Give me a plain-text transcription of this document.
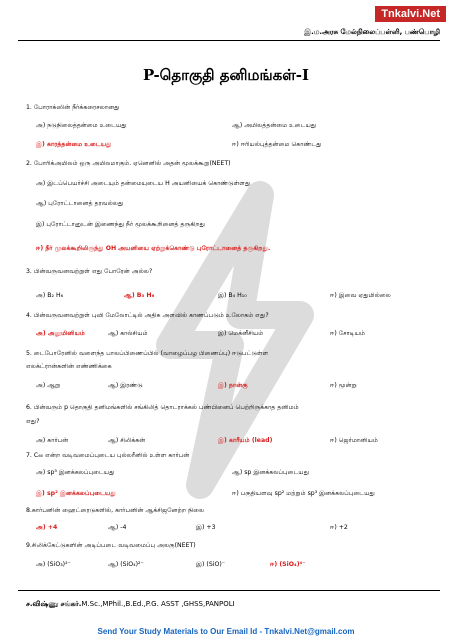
Tnkalvi.Net
இ.ம.அரசு மேல்நிலைப்பள்ளி, பண்பொழி
P-தொகுதி தனிமங்கள்-I
1. போராக்ஸின் நீர்க்கரைசலானது
அ) நடுநிலைத்தன்மை உடையது	ஆ) அமிலத்தன்மை உடையது
இ) காரத்தன்மை உடையது	ஈ) ஈரியல்புத்தன்மை கொண்டது
2. போரிக்அமிலம் ஒரு அமிலமாகும். ஏனெனில் அதன் மூலக்கூறு(NEET)
அ) இடப்பெயர்ச்சி அடையும் தன்மையுடைய H அயனியைக் கொண்டுள்ளது
ஆ) புரோட்டானைத் தரவல்லது
இ) புரோட்டானுடன் இணைந்து நீர் மூலக்கூறினைத் தருகிறது
ஈ) நீர் மூலக்கூறிலிருந்து OH அயனியை ஏற்றுக்கொண்டு புரோட்டானைத் தருகிறது.
3. பின்வருவனவற்றுள் எது போரேன் அல்ல?
அ) B₂ H₆	ஆ) B₃ H₆	இ) B₄ H₁₀	ஈ) இவை ஏதுமில்லை
4. பின்வருவனவற்றுள் புவி மேலோட்டில் அதிக அளவில் காணப்படும் உலோகம் எது?
அ) அலுமினியம்	ஆ) கால்சியம்	இ) மெக்னீசியம்	ஈ) சோடியம்
5. டைபோரேனில் வளைந்த பாலப்பிணைப்பில் (வாழைப்பழ பிணைப்பு) ஈடுபட்டுள்ள
எலக்ட்ரான்களின் எண்ணிக்கை
அ) ஆறு	ஆ) இரண்டு	இ) நான்கு	ஈ) மூன்று
6. பின்வரும் p தொகுதி தனிமங்களில் சங்கிலித் தொடராக்கல் பண்பினைப் பெற்றிருக்காத தனிமம்
எது?
அ) கார்பன்	ஆ) சிலிக்கன்	இ) காரீயம் (lead)	ஈ) ஜெர்மானியம்
7. C₆₀ என்ற வடிவமைப்புடைய புல்லரீனில் உள்ள கார்பன்
அ) sp³ இனக்கலப்புடையது	ஆ) sp இனக்கலப்புடையது
இ) sp² இனக்கலப்புடையது	ஈ) பகுதியளவு sp² மற்றும் sp³ இனக்கலப்புடையது
8.கார்பனின் ஹைட்ரைடுகளில், கார்பனின் ஆக்சிஜனேற்ற நிலை
அ) +4	ஆ) -4	இ) +3	ஈ) +2
9.சிலிக்கேட்டுகளின் அடிப்படை வடிவமைப்பு அலகு(NEET)
அ) (SiO₃)²⁻	ஆ) (SiO₄)²⁻	இ) (SiO)⁻	ஈ) (SiO₄)⁴⁻
ச.விஷ்ணு சங்கர்.M.Sc.,MPhil.,B.Ed.,P.G. ASST ,GHSS,PANPOLI
Send Your Study Materials to Our Email Id - Tnkalvi.Net@gmail.com
